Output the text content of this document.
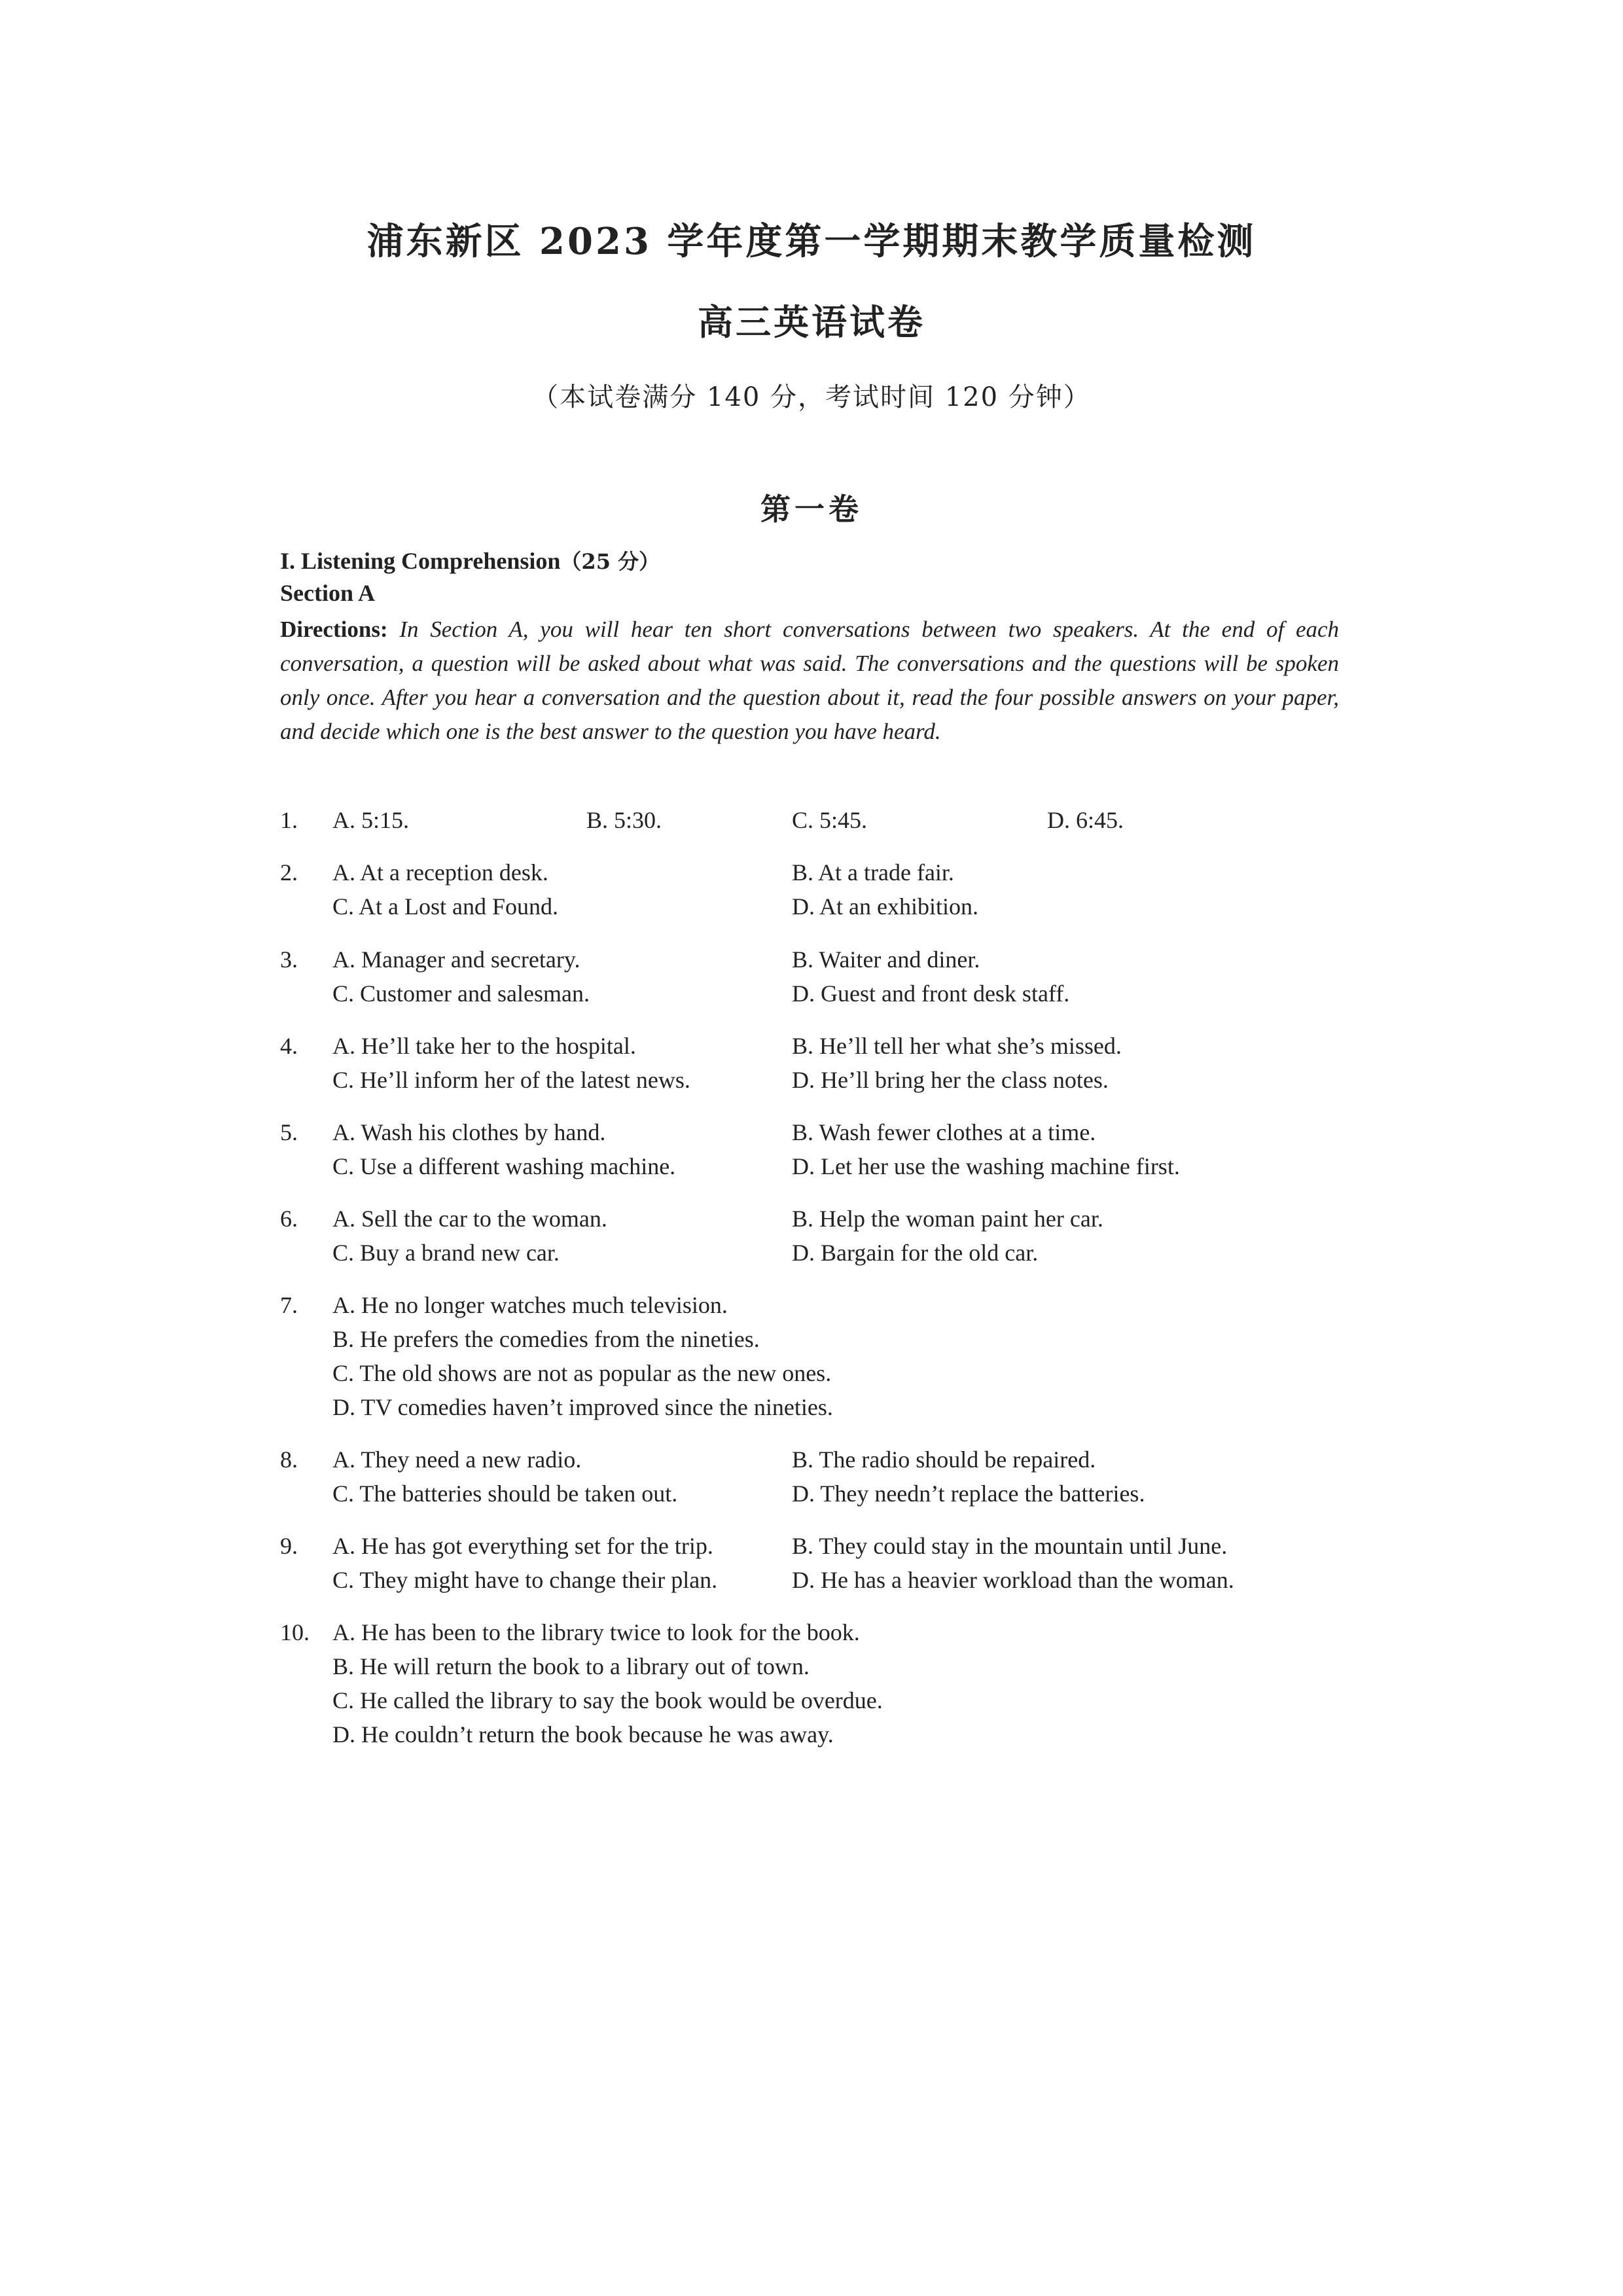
浦东新区 2023 学年度第一学期期末教学质量检测
高三英语试卷
（本试卷满分 140 分，考试时间 120 分钟）
第一卷
I. Listening Comprehension（25 分）
Section A
Directions: In Section A, you will hear ten short conversations between two speakers. At the end of each conversation, a question will be asked about what was said. The conversations and the questions will be spoken only once. After you hear a conversation and the question about it, read the four possible answers on your paper, and decide which one is the best answer to the question you have heard.
1. A. 5:15.	B. 5:30.	C. 5:45.	D. 6:45.
2. A. At a reception desk.	B. At a trade fair.
C. At a Lost and Found.	D. At an exhibition.
3. A. Manager and secretary.	B. Waiter and diner.
C. Customer and salesman.	D. Guest and front desk staff.
4. A. He’ll take her to the hospital.	B. He’ll tell her what she’s missed.
C. He’ll inform her of the latest news.	D. He’ll bring her the class notes.
5. A. Wash his clothes by hand.	B. Wash fewer clothes at a time.
C. Use a different washing machine.	D. Let her use the washing machine first.
6. A. Sell the car to the woman.	B. Help the woman paint her car.
C. Buy a brand new car.	D. Bargain for the old car.
7. A. He no longer watches much television.
B. He prefers the comedies from the nineties.
C. The old shows are not as popular as the new ones.
D. TV comedies haven’t improved since the nineties.
8. A. They need a new radio.	B. The radio should be repaired.
C. The batteries should be taken out.	D. They needn’t replace the batteries.
9. A. He has got everything set for the trip.	B. They could stay in the mountain until June.
C. They might have to change their plan.	D. He has a heavier workload than the woman.
10. A. He has been to the library twice to look for the book.
B. He will return the book to a library out of town.
C. He called the library to say the book would be overdue.
D. He couldn’t return the book because he was away.
